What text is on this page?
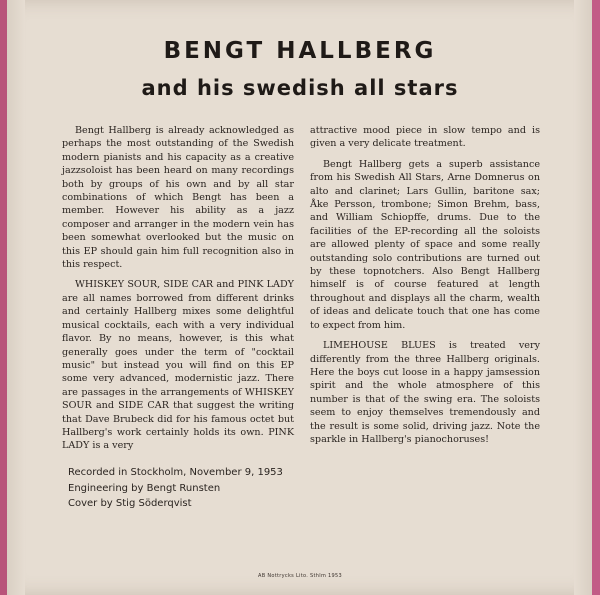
BENGT HALLBERG
and his swedish all stars

Bengt Hallberg is already acknowledged as perhaps the most outstanding of the Swedish modern pianists and his capacity as a creative jazzsoloist has been heard on many recordings both by groups of his own and by all star combinations of which Bengt has been a member. However his ability as a jazz composer and arranger in the modern vein has been somewhat overlooked but the music on this EP should gain him full recognition also in this respect.

WHISKEY SOUR, SIDE CAR and PINK LADY are all names borrowed from different drinks and certainly Hallberg mixes some delightful musical cocktails, each with a very individual flavor. By no means, however, is this what generally goes under the term of "cocktail music" but instead you will find on this EP some very advanced, modernistic jazz. There are passages in the arrangements of WHISKEY SOUR and SIDE CAR that suggest the writing that Dave Brubeck did for his famous octet but Hallberg's work certainly holds its own. PINK LADY is a very

attractive mood piece in slow tempo and is given a very delicate treatment.

Bengt Hallberg gets a superb assistance from his Swedish All Stars, Arne Domnerus on alto and clarinet; Lars Gullin, baritone sax; Åke Persson, trombone; Simon Brehm, bass, and William Schiopffe, drums. Due to the facilities of the EP-recording all the soloists are allowed plenty of space and some really outstanding solo contributions are turned out by these topnotchers. Also Bengt Hallberg himself is of course featured at length throughout and displays all the charm, wealth of ideas and delicate touch that one has come to expect from him.

LIMEHOUSE BLUES is treated very differently from the three Hallberg originals. Here the boys cut loose in a happy jamsession spirit and the whole atmosphere of this number is that of the swing era. The soloists seem to enjoy themselves tremendously and the result is some solid, driving jazz. Note the sparkle in Hallberg's pianochoruses!

Recorded in Stockholm, November 9, 1953
Engineering by Bengt Runsten
Cover by Stig Söderqvist
AB Nottrycks Lito. Sthlm 1953
